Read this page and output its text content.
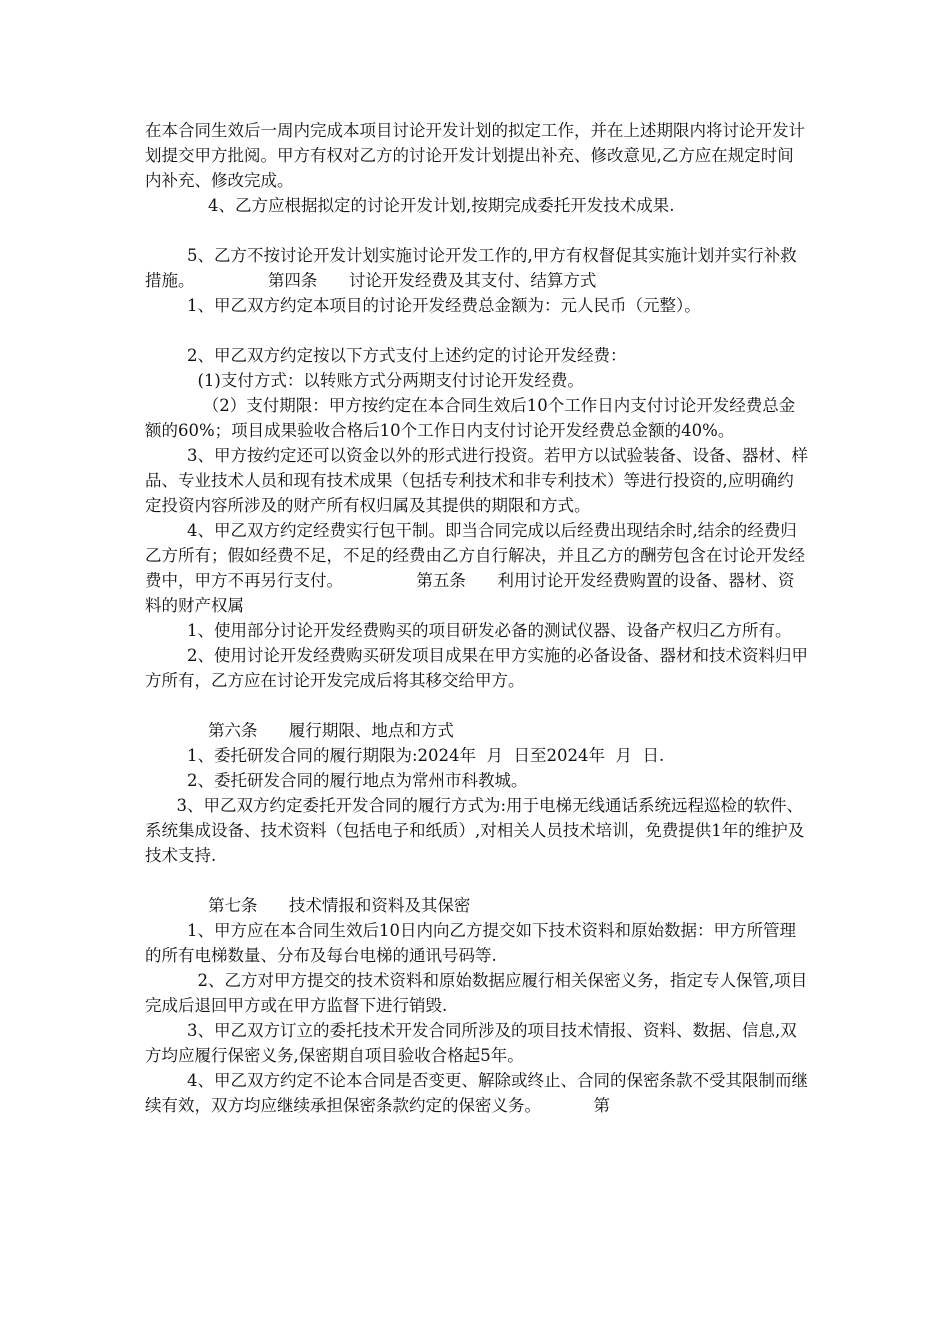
在本合同生效后一周内完成本项目讨论开发计划的拟定工作，并在上述期限内将讨论开发计划提交甲方批阅。甲方有权对乙方的讨论开发计划提出补充、修改意见,乙方应在规定时间内补充、修改完成。

4、乙方应根据拟定的讨论开发计划,按期完成委托开发技术成果.

5、乙方不按讨论开发计划实施讨论开发工作的,甲方有权督促其实施计划并实行补救措施。              第四条      讨论开发经费及其支付、结算方式

1、甲乙双方约定本项目的讨论开发经费总金额为：元人民币（元整）。

2、甲乙双方约定按以下方式支付上述约定的讨论开发经费：

(1)支付方式：以转账方式分两期支付讨论开发经费。

（2）支付期限：甲方按约定在本合同生效后10个工作日内支付讨论开发经费总金额的60%；项目成果验收合格后10个工作日内支付讨论开发经费总金额的40%。

3、甲方按约定还可以资金以外的形式进行投资。若甲方以试验装备、设备、器材、样品、专业技术人员和现有技术成果（包括专利技术和非专利技术）等进行投资的,应明确约定投资内容所涉及的财产所有权归属及其提供的期限和方式。

4、甲乙双方约定经费实行包干制。即当合同完成以后经费出现结余时,结余的经费归乙方所有；假如经费不足，不足的经费由乙方自行解决，并且乙方的酬劳包含在讨论开发经费中，甲方不再另行支付。              第五条      利用讨论开发经费购置的设备、器材、资料的财产权属

1、使用部分讨论开发经费购买的项目研发必备的测试仪器、设备产权归乙方所有。

2、使用讨论开发经费购买研发项目成果在甲方实施的必备设备、器材和技术资料归甲方所有，乙方应在讨论开发完成后将其移交给甲方。

第六条      履行期限、地点和方式

1、委托研发合同的履行期限为:2024年  月  日至2024年  月  日.

2、委托研发合同的履行地点为常州市科教城。

3、甲乙双方约定委托开发合同的履行方式为:用于电梯无线通话系统远程巡检的软件、系统集成设备、技术资料（包括电子和纸质）,对相关人员技术培训，免费提供1年的维护及技术支持.

第七条      技术情报和资料及其保密

1、甲方应在本合同生效后10日内向乙方提交如下技术资料和原始数据：甲方所管理的所有电梯数量、分布及每台电梯的通讯号码等.

2、乙方对甲方提交的技术资料和原始数据应履行相关保密义务，指定专人保管,项目完成后退回甲方或在甲方监督下进行销毁.

3、甲乙双方订立的委托技术开发合同所涉及的项目技术情报、资料、数据、信息,双方均应履行保密义务,保密期自项目验收合格起5年。

4、甲乙双方约定不论本合同是否变更、解除或终止、合同的保密条款不受其限制而继续有效，双方均应继续承担保密条款约定的保密义务。          第
